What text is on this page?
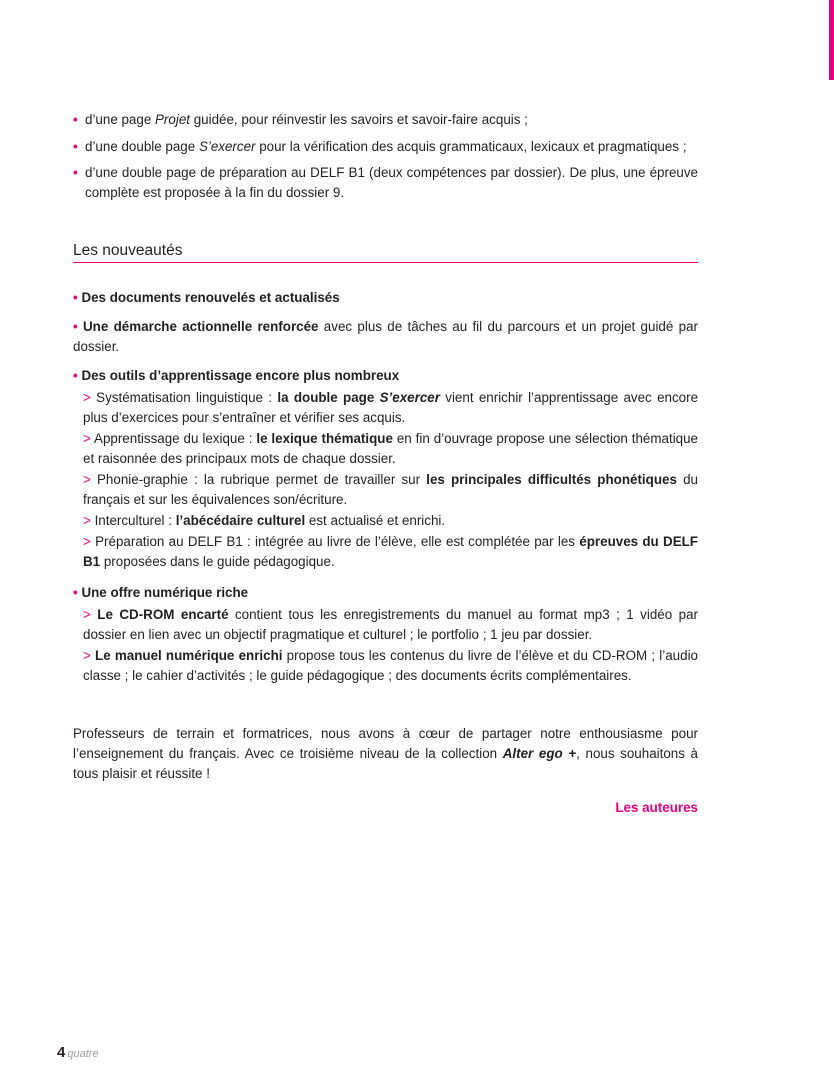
• d’une page Projet guidée, pour réinvestir les savoirs et savoir-faire acquis ;
• d’une double page S’exercer pour la vérification des acquis grammaticaux, lexicaux et pragmatiques ;
• d’une double page de préparation au DELF B1 (deux compétences par dossier). De plus, une épreuve complète est proposée à la fin du dossier 9.
Les nouveautés
• Des documents renouvelés et actualisés
• Une démarche actionnelle renforcée avec plus de tâches au fil du parcours et un projet guidé par dossier.
• Des outils d’apprentissage encore plus nombreux
> Systématisation linguistique : la double page S’exercer vient enrichir l’apprentissage avec encore plus d’exercices pour s’entraîner et vérifier ses acquis.
> Apprentissage du lexique : le lexique thématique en fin d’ouvrage propose une sélection thématique et raisonnée des principaux mots de chaque dossier.
> Phonie-graphie : la rubrique permet de travailler sur les principales difficultés phonétiques du français et sur les équivalences son/écriture.
> Interculturel : l’abécédaire culturel est actualisé et enrichi.
> Préparation au DELF B1 : intégrée au livre de l’élève, elle est complétée par les épreuves du DELF B1 proposées dans le guide pédagogique.
• Une offre numérique riche
> Le CD-ROM encarté contient tous les enregistrements du manuel au format mp3 ; 1 vidéo par dossier en lien avec un objectif pragmatique et culturel ; le portfolio ; 1 jeu par dossier.
> Le manuel numérique enrichi propose tous les contenus du livre de l’élève et du CD-ROM ; l’audio classe ; le cahier d’activités ; le guide pédagogique ; des documents écrits complémentaires.
Professeurs de terrain et formatrices, nous avons à cœur de partager notre enthousiasme pour l’enseignement du français. Avec ce troisième niveau de la collection Alter ego +, nous souhaitons à tous plaisir et réussite !
Les auteures
4 quatre
